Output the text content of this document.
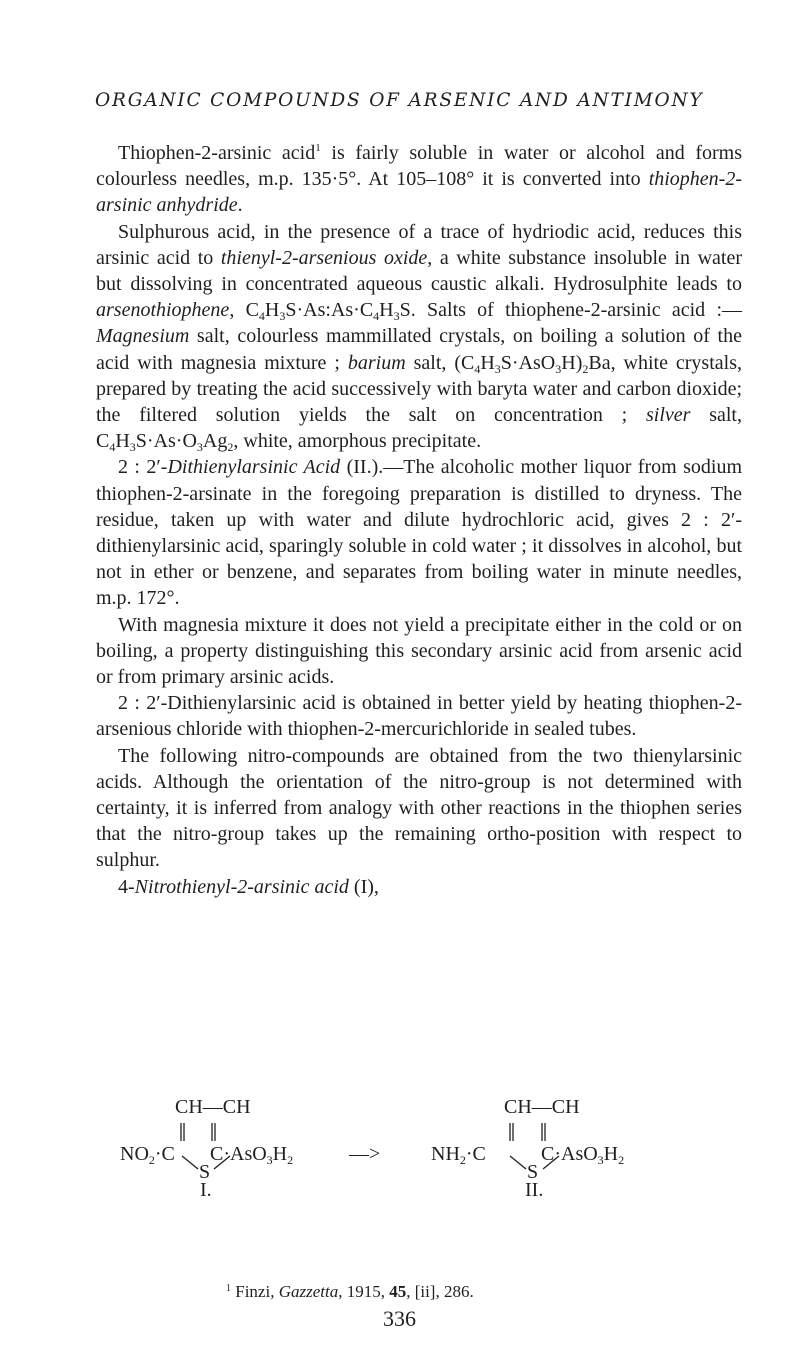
ORGANIC COMPOUNDS OF ARSENIC AND ANTIMONY

Thiophen-2-arsinic acid$^1$ is fairly soluble in water or alcohol and forms colourless needles, m.p. 135·5°. At 105–108° it is converted into thiophen-2-arsinic anhydride.

Sulphurous acid, in the presence of a trace of hydriodic acid, reduces this arsinic acid to thienyl-2-arsenious oxide, a white substance insoluble in water but dissolving in concentrated aqueous caustic alkali. Hydrosulphite leads to arsenothiophene, $C_4H_3S\cdot As:As\cdot C_4H_3S$. Salts of thiophene-2-arsinic acid :—Magnesium salt, colourless mammillated crystals, on boiling a solution of the acid with magnesia mixture ; barium salt, $(C_4H_3S\cdot AsO_3H)_2Ba$, white crystals, prepared by treating the acid successively with baryta water and carbon dioxide; the filtered solution yields the salt on concentration ; silver salt, $C_4H_3S\cdot As\cdot O_3Ag_2$, white, amorphous precipitate.

2 : 2′-Dithienylarsinic Acid (II.).—The alcoholic mother liquor from sodium thiophen-2-arsinate in the foregoing preparation is distilled to dryness. The residue, taken up with water and dilute hydrochloric acid, gives 2 : 2′-dithienylarsinic acid, sparingly soluble in cold water ; it dissolves in alcohol, but not in ether or benzene, and separates from boiling water in minute needles, m.p. 172°.

With magnesia mixture it does not yield a precipitate either in the cold or on boiling, a property distinguishing this secondary arsinic acid from arsenic acid or from primary arsinic acids.

2 : 2′-Dithienylarsinic acid is obtained in better yield by heating thiophen-2-arsenious chloride with thiophen-2-mercurichloride in sealed tubes.

The following nitro-compounds are obtained from the two thienylarsinic acids. Although the orientation of the nitro-group is not determined with certainty, it is inferred from analogy with other reactions in the thiophen series that the nitro-group takes up the remaining ortho-position with respect to sulphur.

4-Nitrothienyl-2-arsinic acid (I),

CH—CH	CH—CH
$NO_2\cdot C$ $C\cdot AsO_3H_2$	—>	$NH_2\cdot C$	$C\cdot AsO_3H_2$
S	S
I.	II.
$^1$ Finzi, Gazzetta, 1915, 45, [ii], 286.
336
